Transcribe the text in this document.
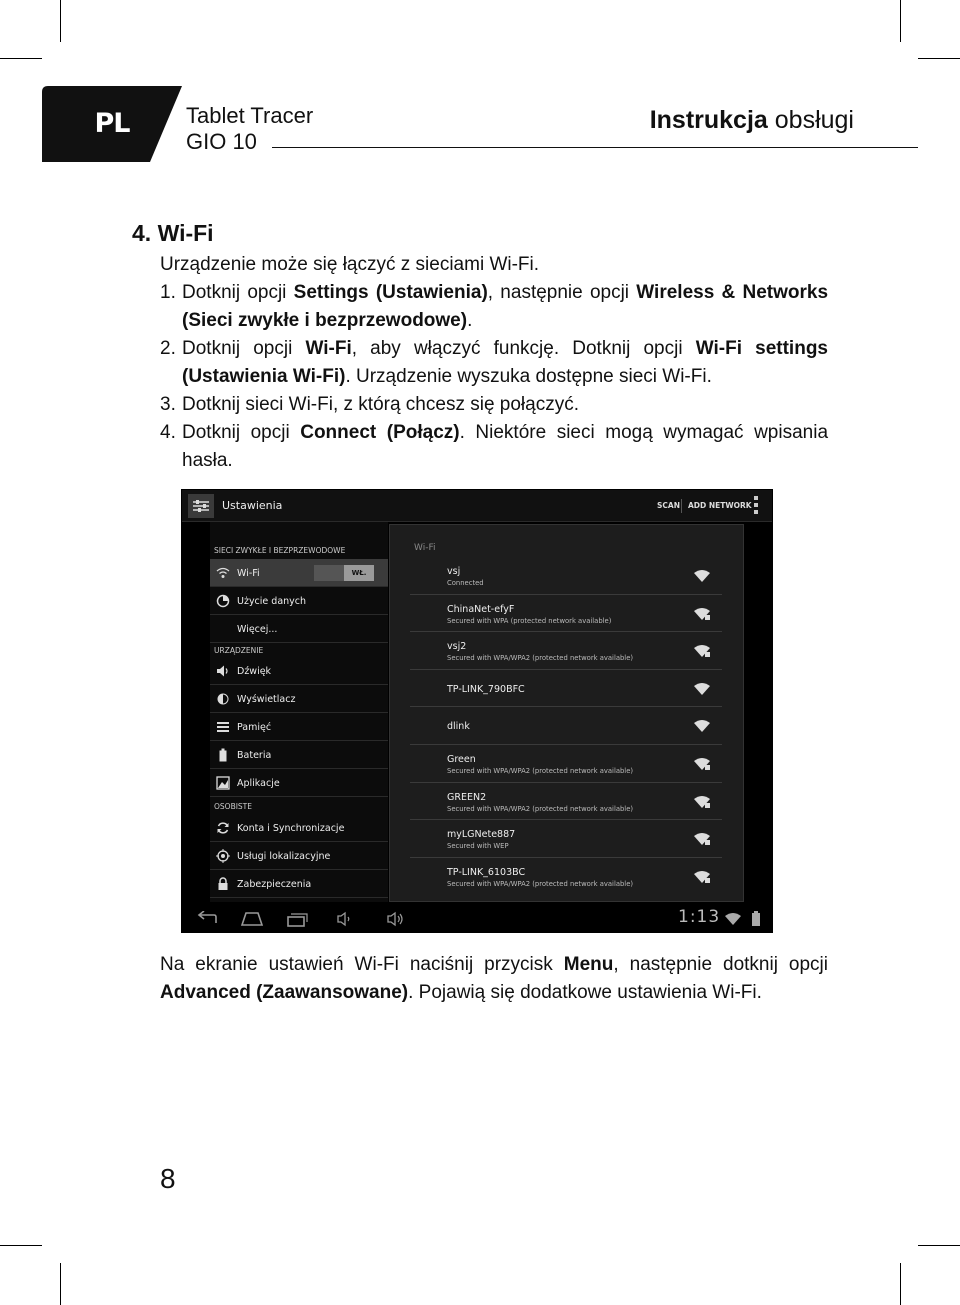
PL	Tablet Tracer
GIO 10
Instrukcja obsługi
4. Wi-Fi
Urządzenie może się łączyć z sieciami Wi-Fi.
1. Dotknij opcji Settings (Ustawienia), następnie opcji Wireless & Networks (Sieci zwykłe i bezprzewodowe).
2. Dotknij opcji Wi-Fi, aby włączyć funkcję. Dotknij opcji Wi-Fi settings (Ustawienia Wi-Fi). Urządzenie wyszuka dostępne sieci Wi-Fi.
3. Dotknij sieci Wi-Fi, z którą chcesz się połączyć.
4. Dotknij opcji Connect (Połącz). Niektóre sieci mogą wymagać wpisania hasła.
Ustawienia	SCAN ADD NETWORK
SIECI ZWYKŁE I BEZPRZEWODOWE
Wi-Fi	WŁ.
Użycie danych
Więcej...
URZĄDZENIE
Dźwięk
Wyświetlacz
Pamięć
Bateria
Aplikacje
OSOBISTE
Konta i Synchronizacje
Usługi lokalizacyjne
Zabezpieczenia
Wi-Fi
vsj
Connected
ChinaNet-efyF
Secured with WPA (protected network available)
vsj2
Secured with WPA/WPA2 (protected network available)
TP-LINK_790BFC
dlink
Green
Secured with WPA/WPA2 (protected network available)
GREEN2
Secured with WPA/WPA2 (protected network available)
myLGNete887
Secured with WEP
TP-LINK_6103BC
Secured with WPA/WPA2 (protected network available)
1:13
Na ekranie ustawień Wi-Fi naciśnij przycisk Menu, następnie dotknij opcji Advanced (Zaawansowane). Pojawią się dodatkowe ustawienia Wi-Fi.
8
